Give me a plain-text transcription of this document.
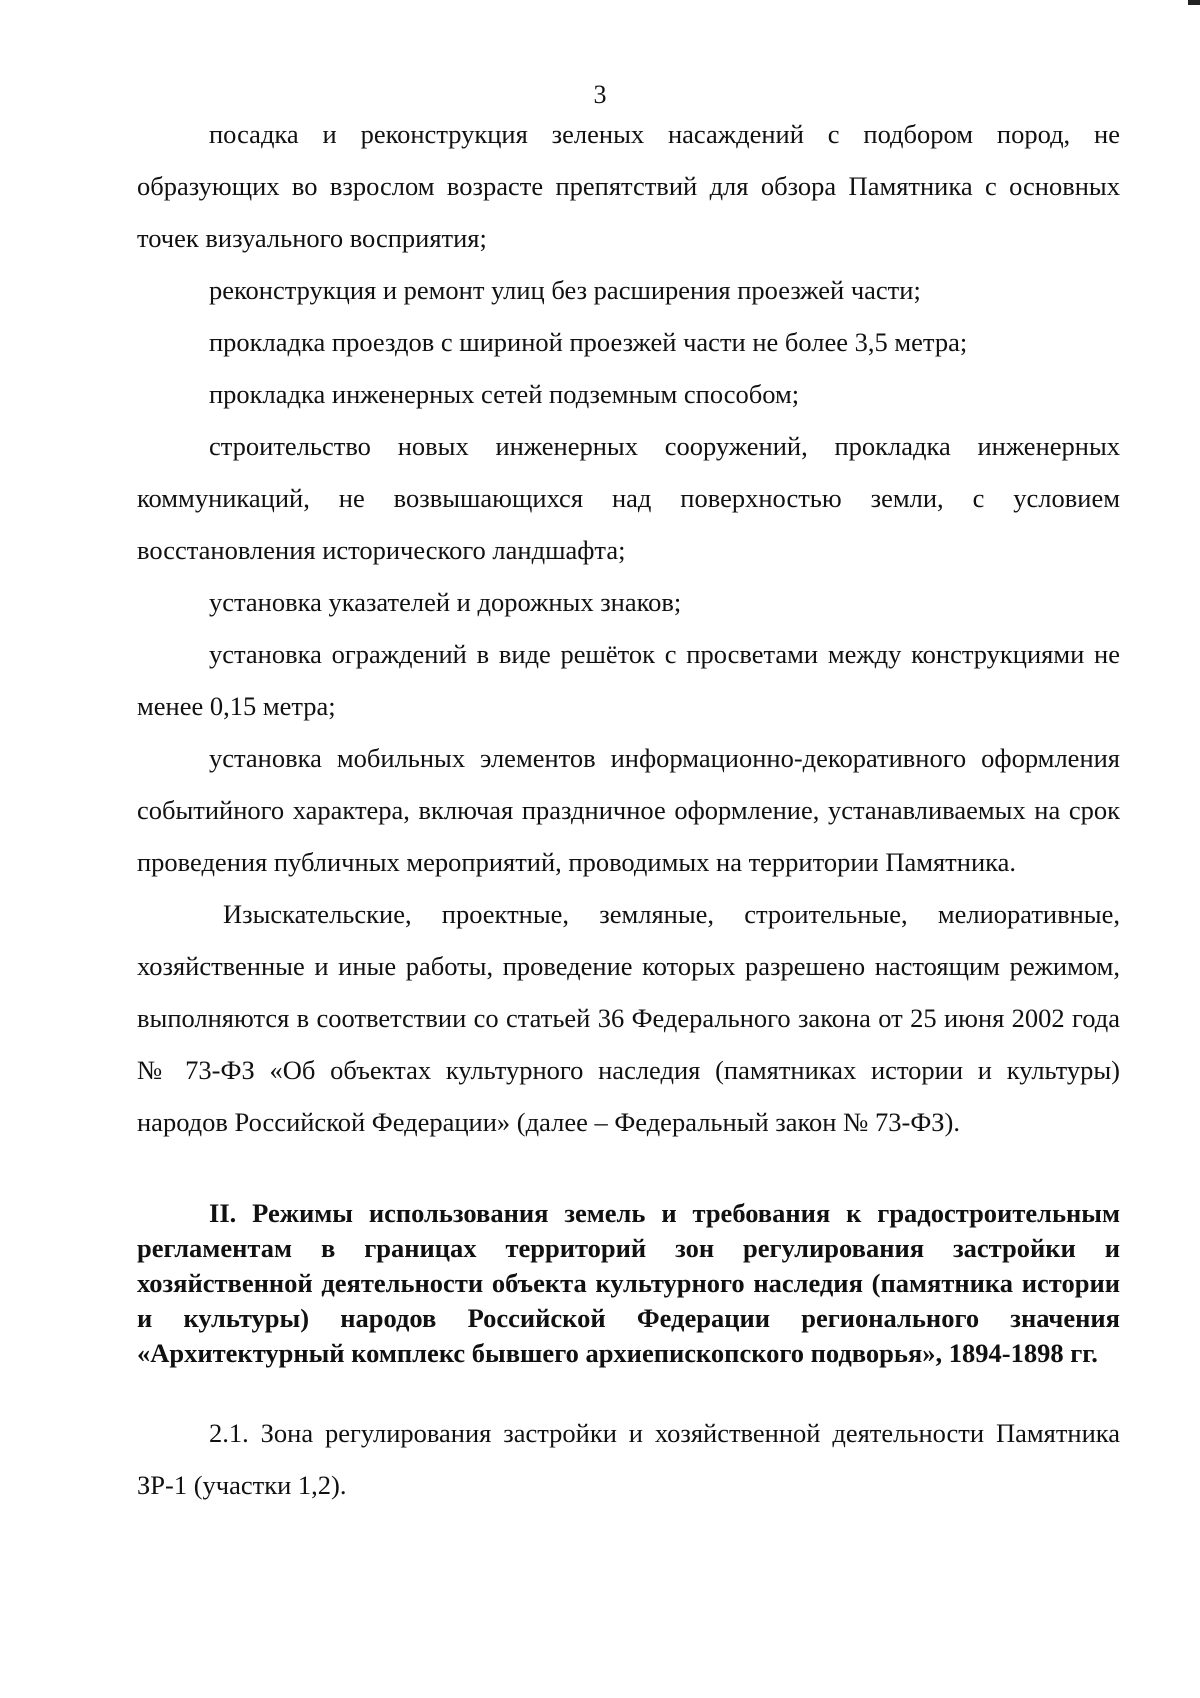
3

посадка и реконструкция зеленых насаждений с подбором пород, не образующих во взрослом возрасте препятствий для обзора Памятника с основных точек визуального восприятия;

реконструкция и ремонт улиц без расширения проезжей части;

прокладка проездов с шириной проезжей части не более 3,5 метра;

прокладка инженерных сетей подземным способом;

строительство новых инженерных сооружений, прокладка инженерных коммуникаций, не возвышающихся над поверхностью земли, с условием восстановления исторического ландшафта;

установка указателей и дорожных знаков;

установка ограждений в виде решёток с просветами между конструкциями не менее 0,15 метра;

установка мобильных элементов информационно-декоративного оформления событийного характера, включая праздничное оформление, устанавливаемых на срок проведения публичных мероприятий, проводимых на территории Памятника.

Изыскательские, проектные, земляные, строительные, мелиоративные, хозяйственные и иные работы, проведение которых разрешено настоящим режимом, выполняются в соответствии со статьей 36 Федерального закона от 25 июня 2002 года № 73-ФЗ «Об объектах культурного наследия (памятниках истории и культуры) народов Российской Федерации» (далее – Федеральный закон № 73-ФЗ).

II. Режимы использования земель и требования к градостроительным регламентам в границах территорий зон регулирования застройки и хозяйственной деятельности объекта культурного наследия (памятника истории и культуры) народов Российской Федерации регионального значения «Архитектурный комплекс бывшего архиепископского подворья», 1894-1898 гг.

2.1. Зона регулирования застройки и хозяйственной деятельности Памятника ЗР-1 (участки 1,2).
